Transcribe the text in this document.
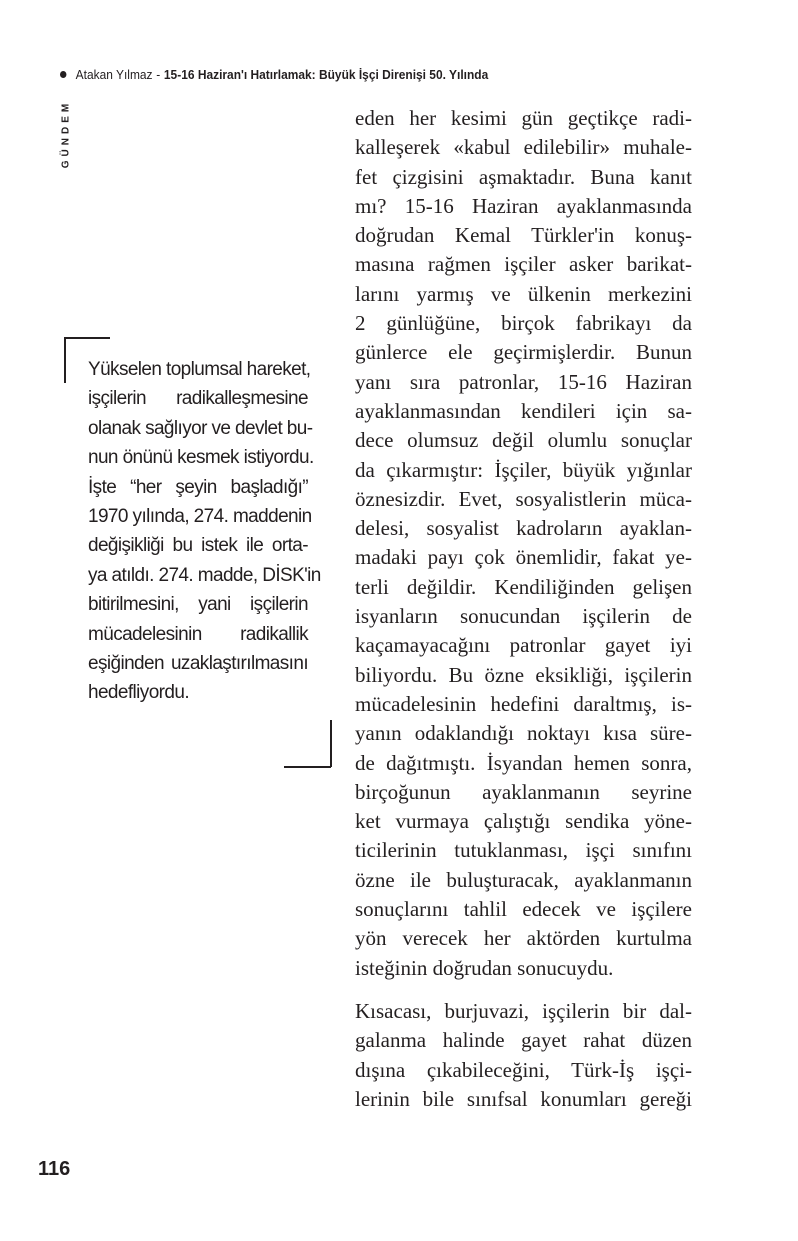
Atakan Yılmaz - 15-16 Haziran'ı Hatırlamak: Büyük İşçi Direnişi 50. Yılında
GÜNDEM

Yükselen toplumsal hareket,
işçilerin radikalleşmesine
olanak sağlıyor ve devlet bu-
nun önünü kesmek istiyordu.
İşte “her şeyin başladığı”
1970 yılında, 274. maddenin
değişikliği bu istek ile orta-
ya atıldı. 274. madde, DİSK'in
bitirilmesini, yani işçilerin
mücadelesinin radikallik
eşiğinden uzaklaştırılmasını
hedefliyordu.

eden her kesimi gün geçtikçe radi-
kalleşerek «kabul edilebilir» muhale-
fet çizgisini aşmaktadır. Buna kanıt
mı? 15-16 Haziran ayaklanmasında
doğrudan Kemal Türkler'in konuş-
masına rağmen işçiler asker barikat-
larını yarmış ve ülkenin merkezini
2 günlüğüne, birçok fabrikayı da
günlerce ele geçirmişlerdir. Bunun
yanı sıra patronlar, 15-16 Haziran
ayaklanmasından kendileri için sa-
dece olumsuz değil olumlu sonuçlar
da çıkarmıştır: İşçiler, büyük yığınlar
öznesizdir. Evet, sosyalistlerin müca-
delesi, sosyalist kadroların ayaklan-
madaki payı çok önemlidir, fakat ye-
terli değildir. Kendiliğinden gelişen
isyanların sonucundan işçilerin de
kaçamayacağını patronlar gayet iyi
biliyordu. Bu özne eksikliği, işçilerin
mücadelesinin hedefini daraltmış, is-
yanın odaklandığı noktayı kısa süre-
de dağıtmıştı. İsyandan hemen sonra,
birçoğunun ayaklanmanın seyrine
ket vurmaya çalıştığı sendika yöne-
ticilerinin tutuklanması, işçi sınıfını
özne ile buluşturacak, ayaklanmanın
sonuçlarını tahlil edecek ve işçilere
yön verecek her aktörden kurtulma
isteğinin doğrudan sonucuydu.

Kısacası, burjuvazi, işçilerin bir dal-
galanma halinde gayet rahat düzen
dışına çıkabileceğini, Türk-İş işçi-
lerinin bile sınıfsal konumları gereği

116
